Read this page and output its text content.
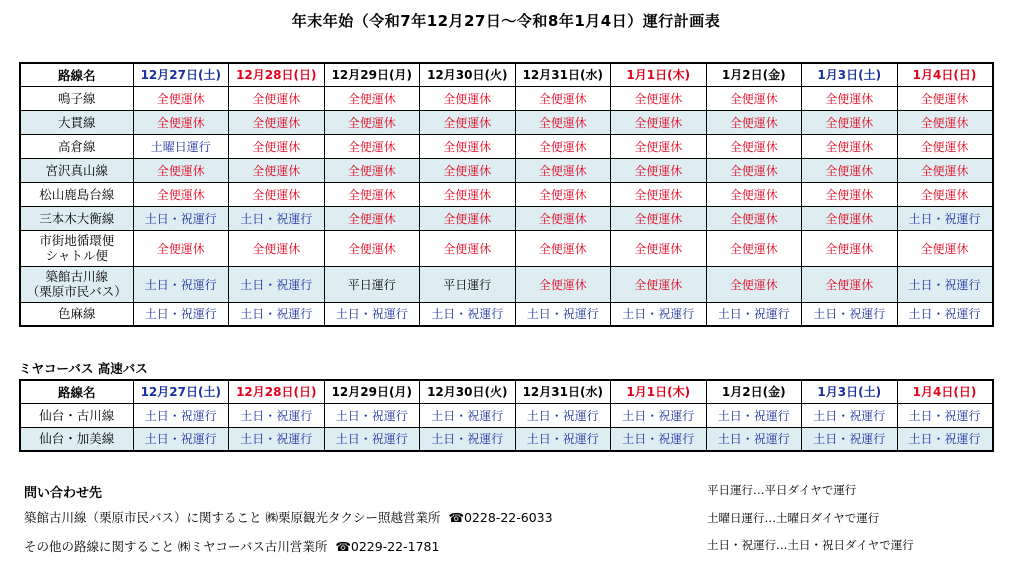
年末年始（令和7年12月27日～令和8年1月4日）運行計画表
路線名	12月27日(土)	12月28日(日)	12月29日(月)	12月30日(火)	12月31日(水)	1月1日(木)	1月2日(金)	1月3日(土)	1月4日(日)

鳴子線	全便運休	全便運休	全便運休	全便運休	全便運休	全便運休	全便運休	全便運休	全便運休

大貫線	全便運休	全便運休	全便運休	全便運休	全便運休	全便運休	全便運休	全便運休	全便運休

高倉線	土曜日運行	全便運休	全便運休	全便運休	全便運休	全便運休	全便運休	全便運休	全便運休

宮沢真山線	全便運休	全便運休	全便運休	全便運休	全便運休	全便運休	全便運休	全便運休	全便運休

松山鹿島台線	全便運休	全便運休	全便運休	全便運休	全便運休	全便運休	全便運休	全便運休	全便運休

三本木大衡線	土日・祝運行	土日・祝運行	全便運休	全便運休	全便運休	全便運休	全便運休	全便運休	土日・祝運行

市街地循環便
シャトル便	全便運休	全便運休	全便運休	全便運休	全便運休	全便運休	全便運休	全便運休	全便運休

築館古川線
（栗原市民バス）	土日・祝運行	土日・祝運行	平日運行	平日運行	全便運休	全便運休	全便運休	全便運休	土日・祝運行

色麻線	土日・祝運行	土日・祝運行	土日・祝運行	土日・祝運行	土日・祝運行	土日・祝運行	土日・祝運行	土日・祝運行	土日・祝運行
ミヤコーバス 高速バス
路線名	12月27日(土)	12月28日(日)	12月29日(月)	12月30日(火)	12月31日(水)	1月1日(木)	1月2日(金)	1月3日(土)	1月4日(日)

仙台・古川線	土日・祝運行	土日・祝運行	土日・祝運行	土日・祝運行	土日・祝運行	土日・祝運行	土日・祝運行	土日・祝運行	土日・祝運行

仙台・加美線	土日・祝運行	土日・祝運行	土日・祝運行	土日・祝運行	土日・祝運行	土日・祝運行	土日・祝運行	土日・祝運行	土日・祝運行
問い合わせ先
築館古川線（栗原市民バス）に関すること ㈱栗原観光タクシー照越営業所 ☎0228-22-6033
その他の路線に関すること ㈱ミヤコーバス古川営業所 ☎0229-22-1781
平日運行…平日ダイヤで運行
土曜日運行…土曜日ダイヤで運行
土日・祝運行…土日・祝日ダイヤで運行
